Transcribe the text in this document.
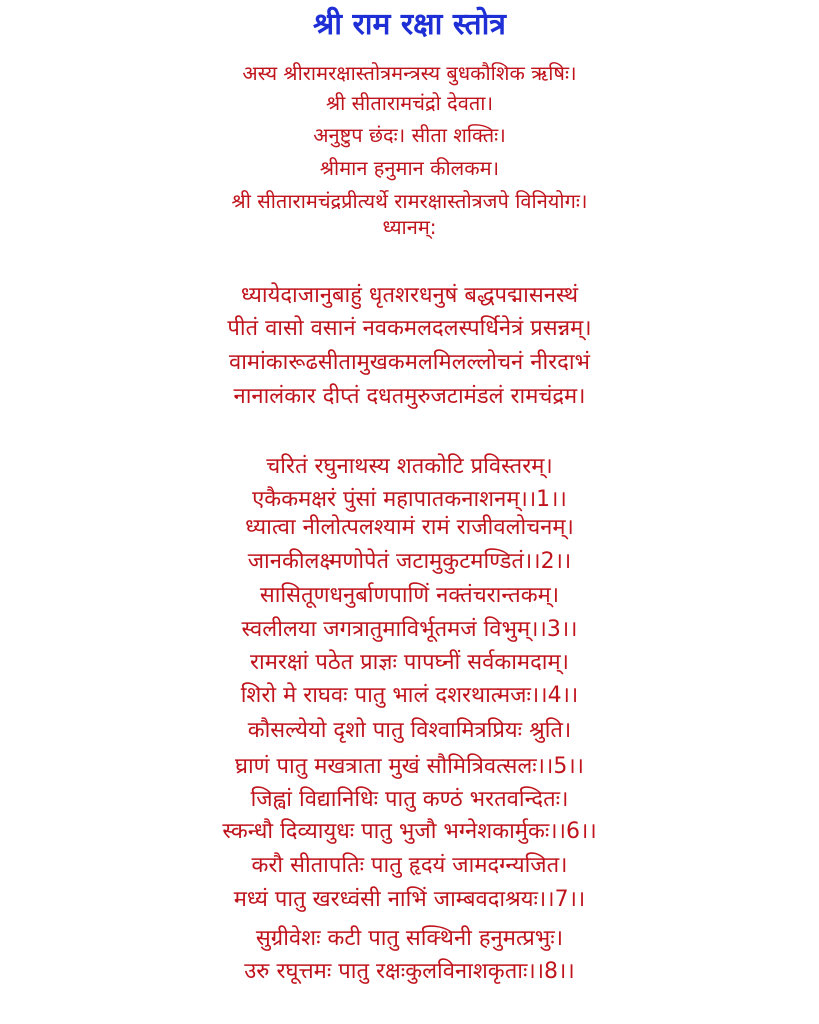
श्री राम रक्षा स्तोत्र
अस्य श्रीरामरक्षास्तोत्रमन्त्रस्य बुधकौशिक ऋषिः।
श्री सीतारामचंद्रो देवता।
अनुष्टुप छंदः। सीता शक्तिः।
श्रीमान हनुमान कीलकम।
श्री सीतारामचंद्रप्रीत्यर्थे रामरक्षास्तोत्रजपे विनियोगः।
ध्यानम्:
ध्यायेदाजानुबाहुं धृतशरधनुषं बद्धपद्मासनस्थं
पीतं वासो वसानं नवकमलदलस्पर्धिनेत्रं प्रसन्नम्।
वामांकारूढसीतामुखकमलमिलल्लोचनं नीरदाभं
नानालंकार दीप्तं दधतमुरुजटामंडलं रामचंद्रम।
चरितं रघुनाथस्य शतकोटि प्रविस्तरम्।
एकैकमक्षरं पुंसां महापातकनाशनम्।।1।।
ध्यात्वा नीलोत्पलश्यामं रामं राजीवलोचनम्।
जानकीलक्ष्मणोपेतं जटामुकुटमण्डितं।।2।।
सासितूणधनुर्बाणपाणिं नक्तंचरान्तकम्।
स्वलीलया जगत्रातुमाविर्भूतमजं विभुम्।।3।।
रामरक्षां पठेत प्राज्ञः पापघ्नीं सर्वकामदाम्।
शिरो मे राघवः पातु भालं दशरथात्मजः।।4।।
कौसल्येयो दृशो पातु विश्वामित्रप्रियः श्रुति।
घ्राणं पातु मखत्राता मुखं सौमित्रिवत्सलः।।5।।
जिह्वां विद्यानिधिः पातु कण्ठं भरतवन्दितः।
स्कन्धौ दिव्यायुधः पातु भुजौ भग्नेशकार्मुकः।।6।।
करौ सीतापतिः पातु हृदयं जामदग्न्यजित।
मध्यं पातु खरध्वंसी नाभिं जाम्बवदाश्रयः।।7।।
सुग्रीवेशः कटी पातु सक्थिनी हनुमत्प्रभुः।
उरु रघूत्तमः पातु रक्षःकुलविनाशकृताः।।8।।
